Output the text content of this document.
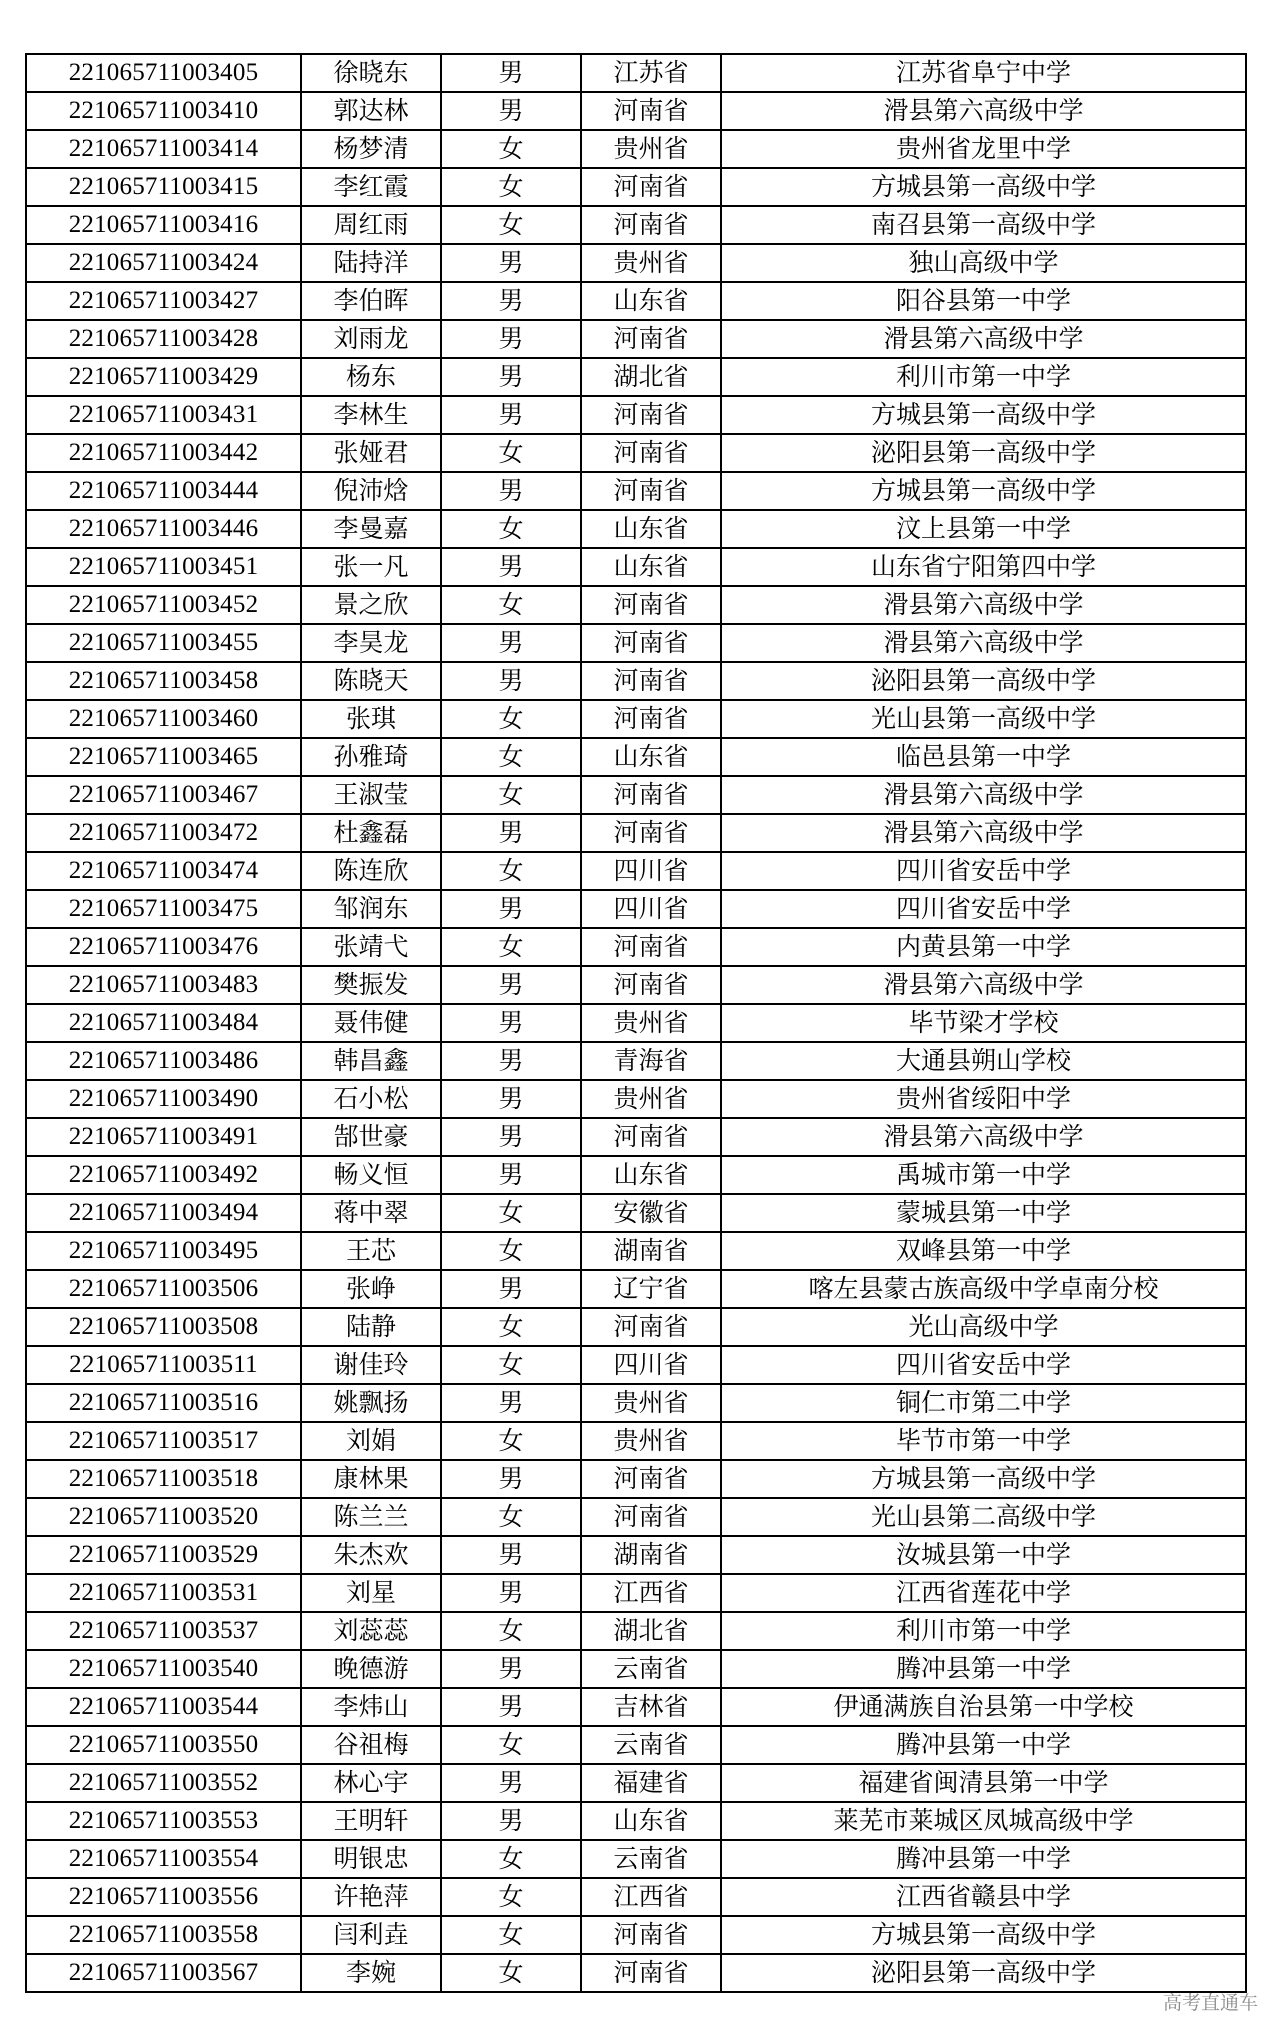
221065711003405	徐晓东	男	江苏省	江苏省阜宁中学
221065711003410	郭达林	男	河南省	滑县第六高级中学
221065711003414	杨梦清	女	贵州省	贵州省龙里中学
221065711003415	李红霞	女	河南省	方城县第一高级中学
221065711003416	周红雨	女	河南省	南召县第一高级中学
221065711003424	陆持洋	男	贵州省	独山高级中学
221065711003427	李伯晖	男	山东省	阳谷县第一中学
221065711003428	刘雨龙	男	河南省	滑县第六高级中学
221065711003429	杨东	男	湖北省	利川市第一中学
221065711003431	李林生	男	河南省	方城县第一高级中学
221065711003442	张娅君	女	河南省	泌阳县第一高级中学
221065711003444	倪沛焓	男	河南省	方城县第一高级中学
221065711003446	李曼嘉	女	山东省	汶上县第一中学
221065711003451	张一凡	男	山东省	山东省宁阳第四中学
221065711003452	景之欣	女	河南省	滑县第六高级中学
221065711003455	李昊龙	男	河南省	滑县第六高级中学
221065711003458	陈晓天	男	河南省	泌阳县第一高级中学
221065711003460	张琪	女	河南省	光山县第一高级中学
221065711003465	孙雅琦	女	山东省	临邑县第一中学
221065711003467	王淑莹	女	河南省	滑县第六高级中学
221065711003472	杜鑫磊	男	河南省	滑县第六高级中学
221065711003474	陈连欣	女	四川省	四川省安岳中学
221065711003475	邹润东	男	四川省	四川省安岳中学
221065711003476	张靖弋	女	河南省	内黄县第一中学
221065711003483	樊振发	男	河南省	滑县第六高级中学
221065711003484	聂伟健	男	贵州省	毕节梁才学校
221065711003486	韩昌鑫	男	青海省	大通县朔山学校
221065711003490	石小松	男	贵州省	贵州省绥阳中学
221065711003491	郜世豪	男	河南省	滑县第六高级中学
221065711003492	畅义恒	男	山东省	禹城市第一中学
221065711003494	蒋中翠	女	安徽省	蒙城县第一中学
221065711003495	王芯	女	湖南省	双峰县第一中学
221065711003506	张峥	男	辽宁省	喀左县蒙古族高级中学卓南分校
221065711003508	陆静	女	河南省	光山高级中学
221065711003511	谢佳玲	女	四川省	四川省安岳中学
221065711003516	姚飘扬	男	贵州省	铜仁市第二中学
221065711003517	刘娟	女	贵州省	毕节市第一中学
221065711003518	康林果	男	河南省	方城县第一高级中学
221065711003520	陈兰兰	女	河南省	光山县第二高级中学
221065711003529	朱杰欢	男	湖南省	汝城县第一中学
221065711003531	刘星	男	江西省	江西省莲花中学
221065711003537	刘蕊蕊	女	湖北省	利川市第一中学
221065711003540	晚德游	男	云南省	腾冲县第一中学
221065711003544	李炜山	男	吉林省	伊通满族自治县第一中学校
221065711003550	谷祖梅	女	云南省	腾冲县第一中学
221065711003552	林心宇	男	福建省	福建省闽清县第一中学
221065711003553	王明轩	男	山东省	莱芜市莱城区凤城高级中学
221065711003554	明银忠	女	云南省	腾冲县第一中学
221065711003556	许艳萍	女	江西省	江西省赣县中学
221065711003558	闫利垚	女	河南省	方城县第一高级中学
221065711003567	李婉	女	河南省	泌阳县第一高级中学
高考直通车
